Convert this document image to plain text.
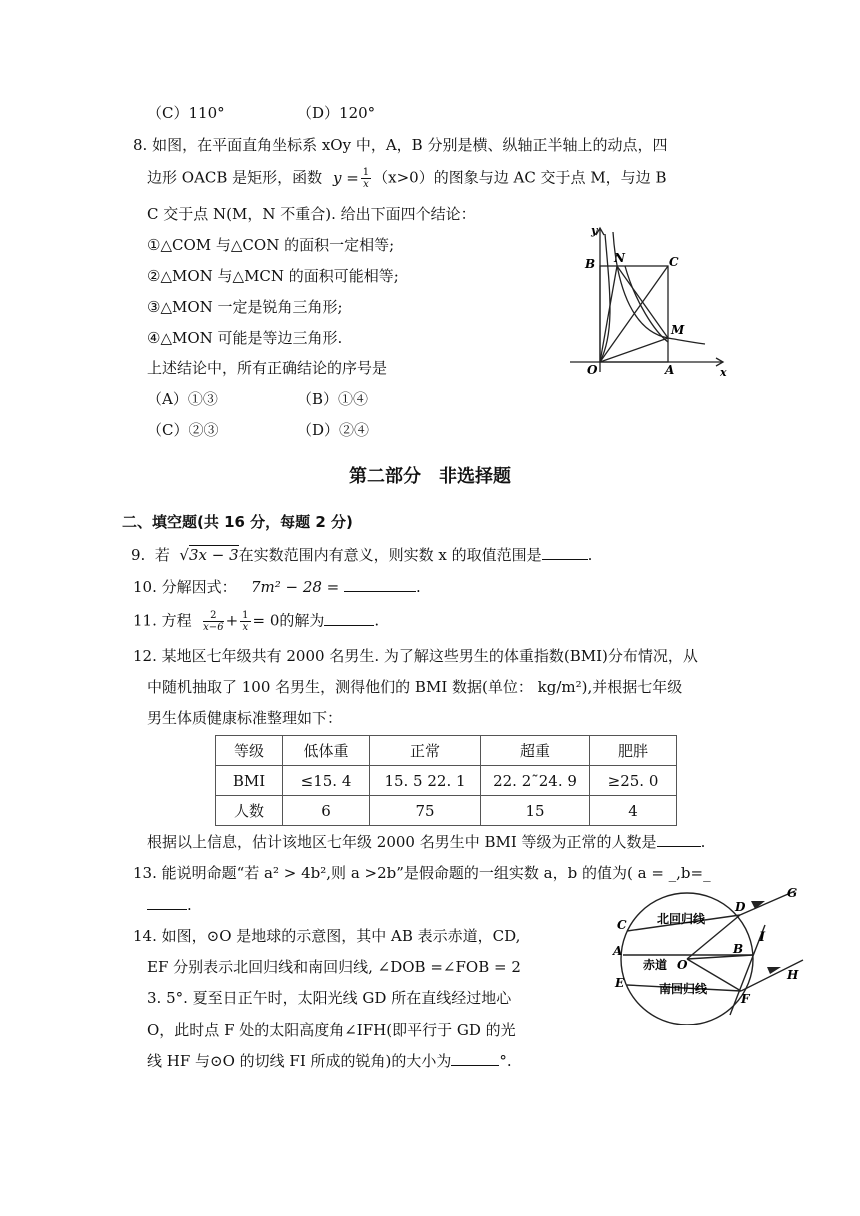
（C）110°	（D）120°
8. 如图，在平面直角坐标系 xOy 中，A，B 分别是横、纵轴正半轴上的动点，四
边形 OACB 是矩形，函数 $y = \frac{1}{x} (x>0)$的图象与边 AC 交于点 M，与边 B
C 交于点 N(M，N 不重合). 给出下面四个结论：
①△COM 与△CON 的面积一定相等;
②△MON 与△MCN 的面积可能相等;
③△MON 一定是锐角三角形;
④△MON 可能是等边三角形.
上述结论中，所有正确结论的序号是
（A）①③	（B）①④
（C）②③	（D）②④
y
x
B N	C
M
O	A
第二部分　非选择题
二、填空题(共 16 分，每题 2 分)
9. 若 √3x − 3在实数范围内有意义，则实数 x 的取值范围是	.
10. 分解因式： 7m² − 28 =	.
11. 方程 $\frac{2}{x-6} + \frac{1}{x} = 0$的解为	.
12. 某地区七年级共有 2000 名男生. 为了解这些男生的体重指数(BMI)分布情况，从
中随机抽取了 100 名男生，测得他们的 BMI 数据(单位： kg/m²),并根据七年级
男生体质健康标准整理如下：
等级	低体重	正常	超重	肥胖
BMI	≤15. 4	15. 5 22. 1	22. 2˜24. 9	≥25. 0
人数	6	75	15	4
根据以上信息，估计该地区七年级 2000 名男生中 BMI 等级为正常的人数是	.
13. 能说明命题“若 a² > 4b²,则 a >2b”是假命题的一组实数 a，b 的值为( a = _,b=_
.
14. 如图，⊙O 是地球的示意图，其中 AB 表示赤道，CD,
EF 分别表示北回归线和南回归线, ∠DOB =∠FOB = 2
3. 5°. 夏至日正午时，太阳光线 GD 所在直线经过地心
O，此时点 F 处的太阳高度角∠IFH(即平行于 GD 的光
线 HF 与⊙O 的切线 FI 所成的锐角)的大小为	°.
北回归线
赤道
南回归线
C
D
A	B
O
E
F
G
H
I
